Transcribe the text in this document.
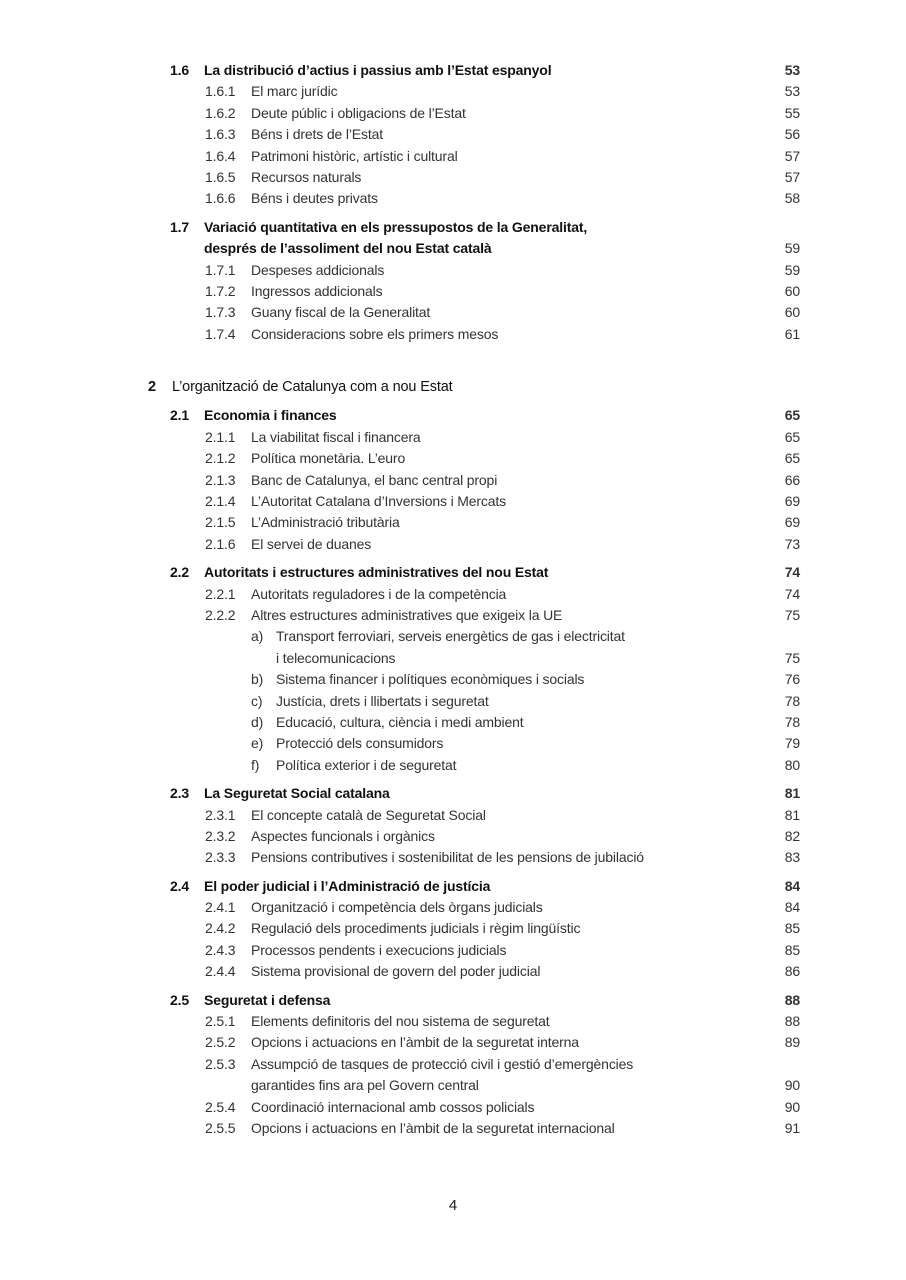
1.6 La distribució d’actius i passius amb l’Estat espanyol	53
1.6.1 El marc jurídic	53
1.6.2 Deute públic i obligacions de l’Estat	55
1.6.3 Béns i drets de l’Estat	56
1.6.4 Patrimoni històric, artístic i cultural	57
1.6.5 Recursos naturals	57
1.6.6 Béns i deutes privats	58
1.7 Variació quantitativa en els pressupostos de la Generalitat,
després de l’assoliment del nou Estat català	59
1.7.1 Despeses addicionals	59
1.7.2 Ingressos addicionals	60
1.7.3 Guany fiscal de la Generalitat	60
1.7.4 Consideracions sobre els primers mesos	61
2 L’organització de Catalunya com a nou Estat
2.1 Economia i finances	65
2.1.1 La viabilitat fiscal i financera	65
2.1.2 Política monetària. L’euro	65
2.1.3 Banc de Catalunya, el banc central propi	66
2.1.4 L’Autoritat Catalana d’Inversions i Mercats	69
2.1.5 L’Administració tributària	69
2.1.6 El servei de duanes	73
2.2 Autoritats i estructures administratives del nou Estat	74
2.2.1 Autoritats reguladores i de la competència	74
2.2.2 Altres estructures administratives que exigeix la UE	75
a) Transport ferroviari, serveis energètics de gas i electricitat
i telecomunicacions	75
b) Sistema financer i polítiques econòmiques i socials	76
c) Justícia, drets i llibertats i seguretat	78
d) Educació, cultura, ciència i medi ambient	78
e) Protecció dels consumidors	79
f) Política exterior i de seguretat	80
2.3 La Seguretat Social catalana	81
2.3.1 El concepte català de Seguretat Social	81
2.3.2 Aspectes funcionals i orgànics	82
2.3.3 Pensions contributives i sostenibilitat de les pensions de jubilació	83
2.4 El poder judicial i l’Administració de justícia	84
2.4.1 Organització i competència dels òrgans judicials	84
2.4.2 Regulació dels procediments judicials i règim lingüístic	85
2.4.3 Processos pendents i execucions judicials	85
2.4.4 Sistema provisional de govern del poder judicial	86
2.5 Seguretat i defensa	88
2.5.1 Elements definitoris del nou sistema de seguretat	88
2.5.2 Opcions i actuacions en l’àmbit de la seguretat interna	89
2.5.3 Assumpció de tasques de protecció civil i gestió d’emergències
garantides fins ara pel Govern central	90
2.5.4 Coordinació internacional amb cossos policials	90
2.5.5 Opcions i actuacions en l’àmbit de la seguretat internacional	91
4
